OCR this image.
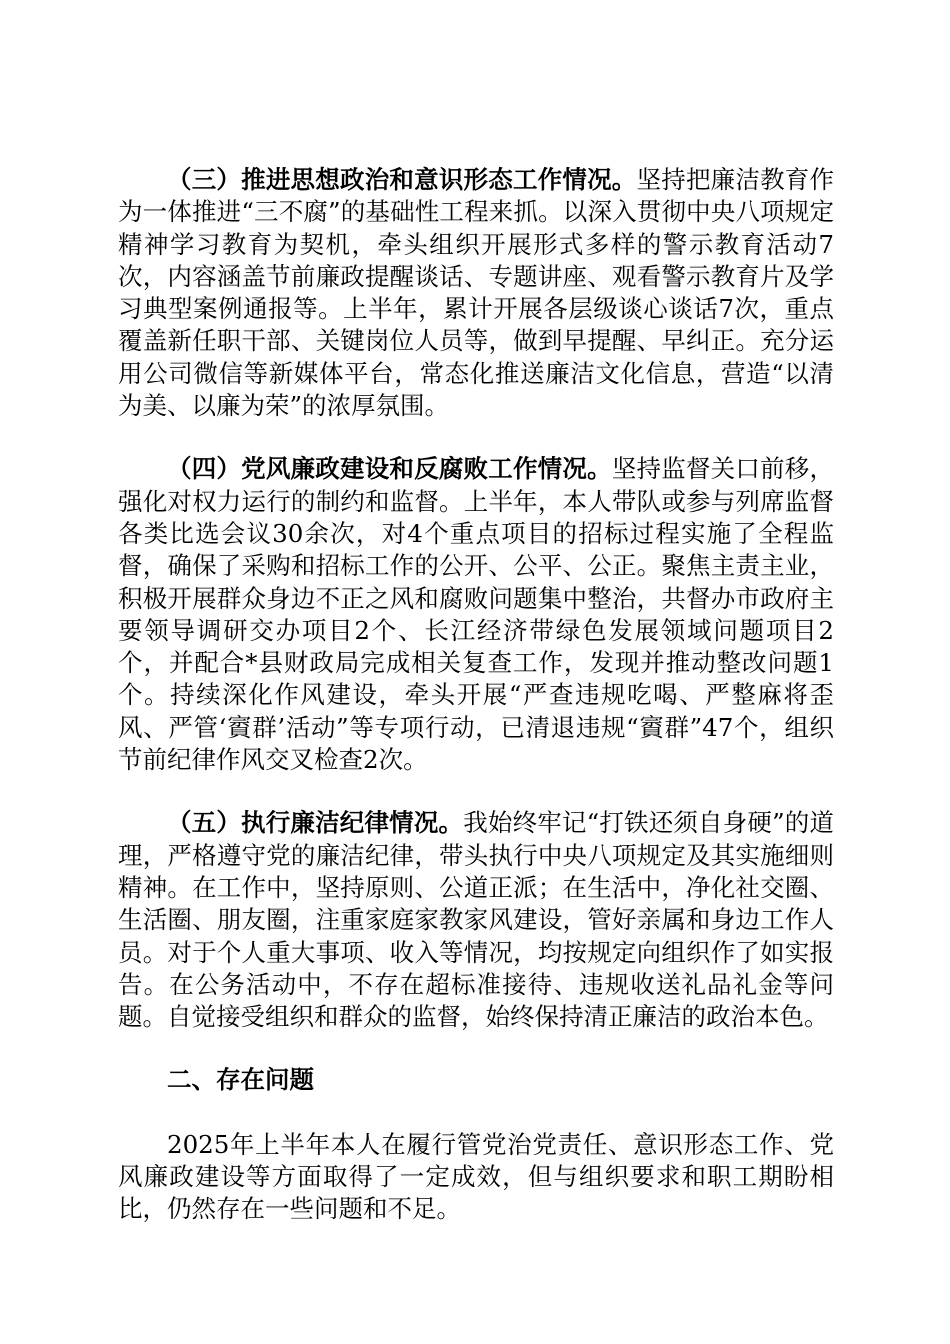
（三）推进思想政治和意识形态工作情况。坚持把廉洁教育作为一体推进“三不腐”的基础性工程来抓。以深入贯彻中央八项规定精神学习教育为契机，牵头组织开展形式多样的警示教育活动7次，内容涵盖节前廉政提醒谈话、专题讲座、观看警示教育片及学习典型案例通报等。上半年，累计开展各层级谈心谈话7次，重点覆盖新任职干部、关键岗位人员等，做到早提醒、早纠正。充分运用公司微信等新媒体平台，常态化推送廉洁文化信息，营造“以清为美、以廉为荣”的浓厚氛围。

（四）党风廉政建设和反腐败工作情况。坚持监督关口前移，强化对权力运行的制约和监督。上半年，本人带队或参与列席监督各类比选会议30余次，对4个重点项目的招标过程实施了全程监督，确保了采购和招标工作的公开、公平、公正。聚焦主责主业，积极开展群众身边不正之风和腐败问题集中整治，共督办市政府主要领导调研交办项目2个、长江经济带绿色发展领域问题项目2个，并配合*县财政局完成相关复查工作，发现并推动整改问题1个。持续深化作风建设，牵头开展“严查违规吃喝、严整麻将歪风、严管‘賨群’活动”等专项行动，已清退违规“賨群”47个，组织节前纪律作风交叉检查2次。

（五）执行廉洁纪律情况。我始终牢记“打铁还须自身硬”的道理，严格遵守党的廉洁纪律，带头执行中央八项规定及其实施细则精神。在工作中，坚持原则、公道正派；在生活中，净化社交圈、生活圈、朋友圈，注重家庭家教家风建设，管好亲属和身边工作人员。对于个人重大事项、收入等情况，均按规定向组织作了如实报告。在公务活动中，不存在超标准接待、违规收送礼品礼金等问题。自觉接受组织和群众的监督，始终保持清正廉洁的政治本色。

二、存在问题

2025年上半年本人在履行管党治党责任、意识形态工作、党风廉政建设等方面取得了一定成效，但与组织要求和职工期盼相比，仍然存在一些问题和不足。
